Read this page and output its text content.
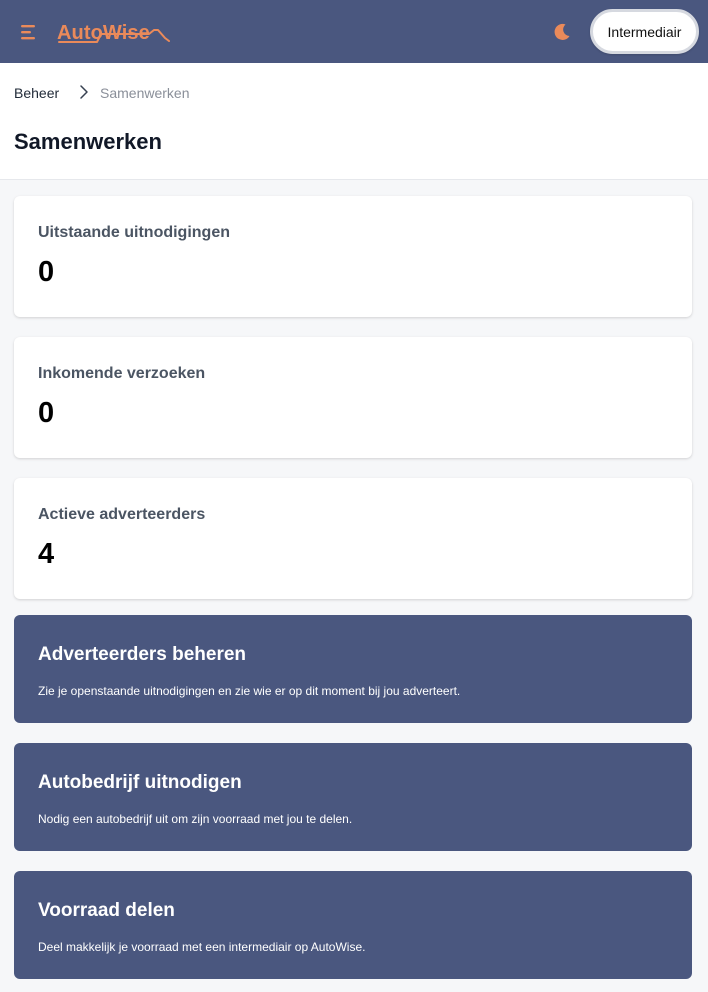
AutoWise	Intermediair
Beheer	Samenwerken
Samenwerken
Uitstaande uitnodigingen
0
Inkomende verzoeken
0
Actieve adverteerders
4
Adverteerders beheren
Zie je openstaande uitnodigingen en zie wie er op dit moment bij jou adverteert.
Autobedrijf uitnodigen
Nodig een autobedrijf uit om zijn voorraad met jou te delen.
Voorraad delen
Deel makkelijk je voorraad met een intermediair op AutoWise.
